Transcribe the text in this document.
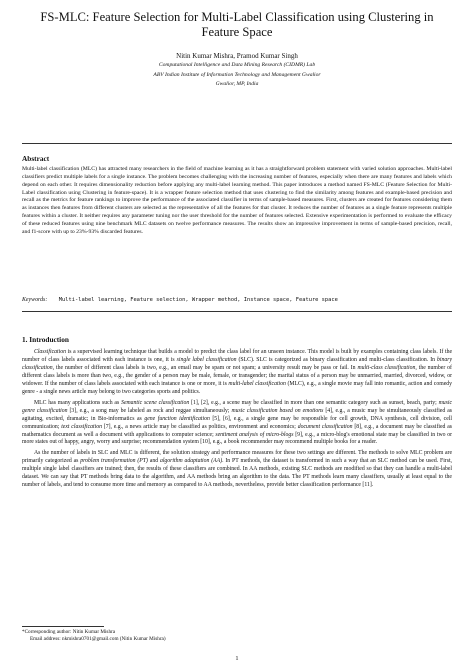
FS-MLC: Feature Selection for Multi-Label Classification using Clustering in Feature Space
Nitin Kumar Mishra, Pramod Kumar Singh
Computational Intelligence and Data Mining Research (CIDMR) Lab
ABV Indian Institute of Information Technology and Management Gwalior
Gwalior, MP, India
Abstract

Multi-label classification (MLC) has attracted many researchers in the field of machine learning as it has a straightforward problem statement with varied solution approaches. Multi-label classifiers predict multiple labels for a single instance. The problem becomes challenging with the increasing number of features, especially when there are many features and labels which depend on each other. It requires dimensionality reduction before applying any multi-label learning method. This paper introduces a method named FS-MLC (Feature Selection for Multi-Label classification using Clustering in feature-space). It is a wrapper feature selection method that uses clustering to find the similarity among features and example-based precision and recall as the metrics for feature rankings to improve the performance of the associated classifier in terms of sample-based measures. First, clusters are created for features considering them as instances then features from different clusters are selected as the representative of all the features for that cluster. It reduces the number of features as a single feature represents multiple features within a cluster. It neither requires any parameter tuning nor the user threshold for the number of features selected. Extensive experimentation is performed to evaluate the efficacy of these reduced features using nine benchmark MLC datasets on twelve performance measures. The results show an impressive improvement in terms of sample-based precision, recall, and f1-score with up to 23%-93% discarded features.

Keywords: Multi-label learning, Feature selection, Wrapper method, Instance space, Feature space
1. Introduction

Classification is a supervised learning technique that builds a model to predict the class label for an unseen instance. This model is built by examples containing class labels. If the number of class labels associated with each instance is one, it is single label classification (SLC). SLC is categorized as binary classification and multi-class classification. In binary classification, the number of different class labels is two, e.g., an email may be spam or not spam; a university result may be pass or fail. In multi-class classification, the number of different class labels is more than two, e.g., the gender of a person may be male, female, or transgender; the marital status of a person may be unmarried, married, divorced, widow, or widower. If the number of class labels associated with each instance is one or more, it is multi-label classification (MLC), e.g., a single movie may fall into romantic, action and comedy genre - a single news article may belong to two categories sports and politics.

MLC has many applications such as Semantic scene classification [1], [2], e.g., a scene may be classified in more than one semantic category such as sunset, beach, party; music genre classification [3], e.g., a song may be labeled as rock and reggae simultaneously; music classification based on emotions [4], e.g., a music may be simultaneously classified as agitating, excited, dramatic; in Bio-informatics as gene function identification [5], [6], e.g., a single gene may be responsible for cell growth, DNA synthesis, cell division, cell communication; text classification [7], e.g., a news article may be classified as politics, environment and economics; document classification [8], e.g., a document may be classified as mathematics document as well a document with applications to computer science; sentiment analysis of micro-blogs [9], e.g., a micro-blog's emotional state may be classified in two or more states out of happy, angry, worry and surprise; recommendation system [10], e.g., a book recommender may recommend multiple books for a reader.

As the number of labels in SLC and MLC is different, the solution strategy and performance measures for these two settings are different. The methods to solve MLC problem are primarily categorized as problem transformation (PT) and algorithm adaptation (AA). In PT methods, the dataset is transformed in such a way that an SLC method can be used. First, multiple single label classifiers are trained; then, the results of these classifiers are combined. In AA methods, existing SLC methods are modified so that they can handle a multi-label dataset. We can say that PT methods bring data to the algorithm, and AA methods bring an algorithm to the data. The PT methods learn many classifiers, usually at least equal to the number of labels, and tend to consume more time and memory as compared to AA methods, nevertheless, provide better classification performance [11].

*Corresponding author: Nitin Kumar Mishra
Email address: nkmishra0701@gmail.com (Nitin Kumar Mishra)
1
